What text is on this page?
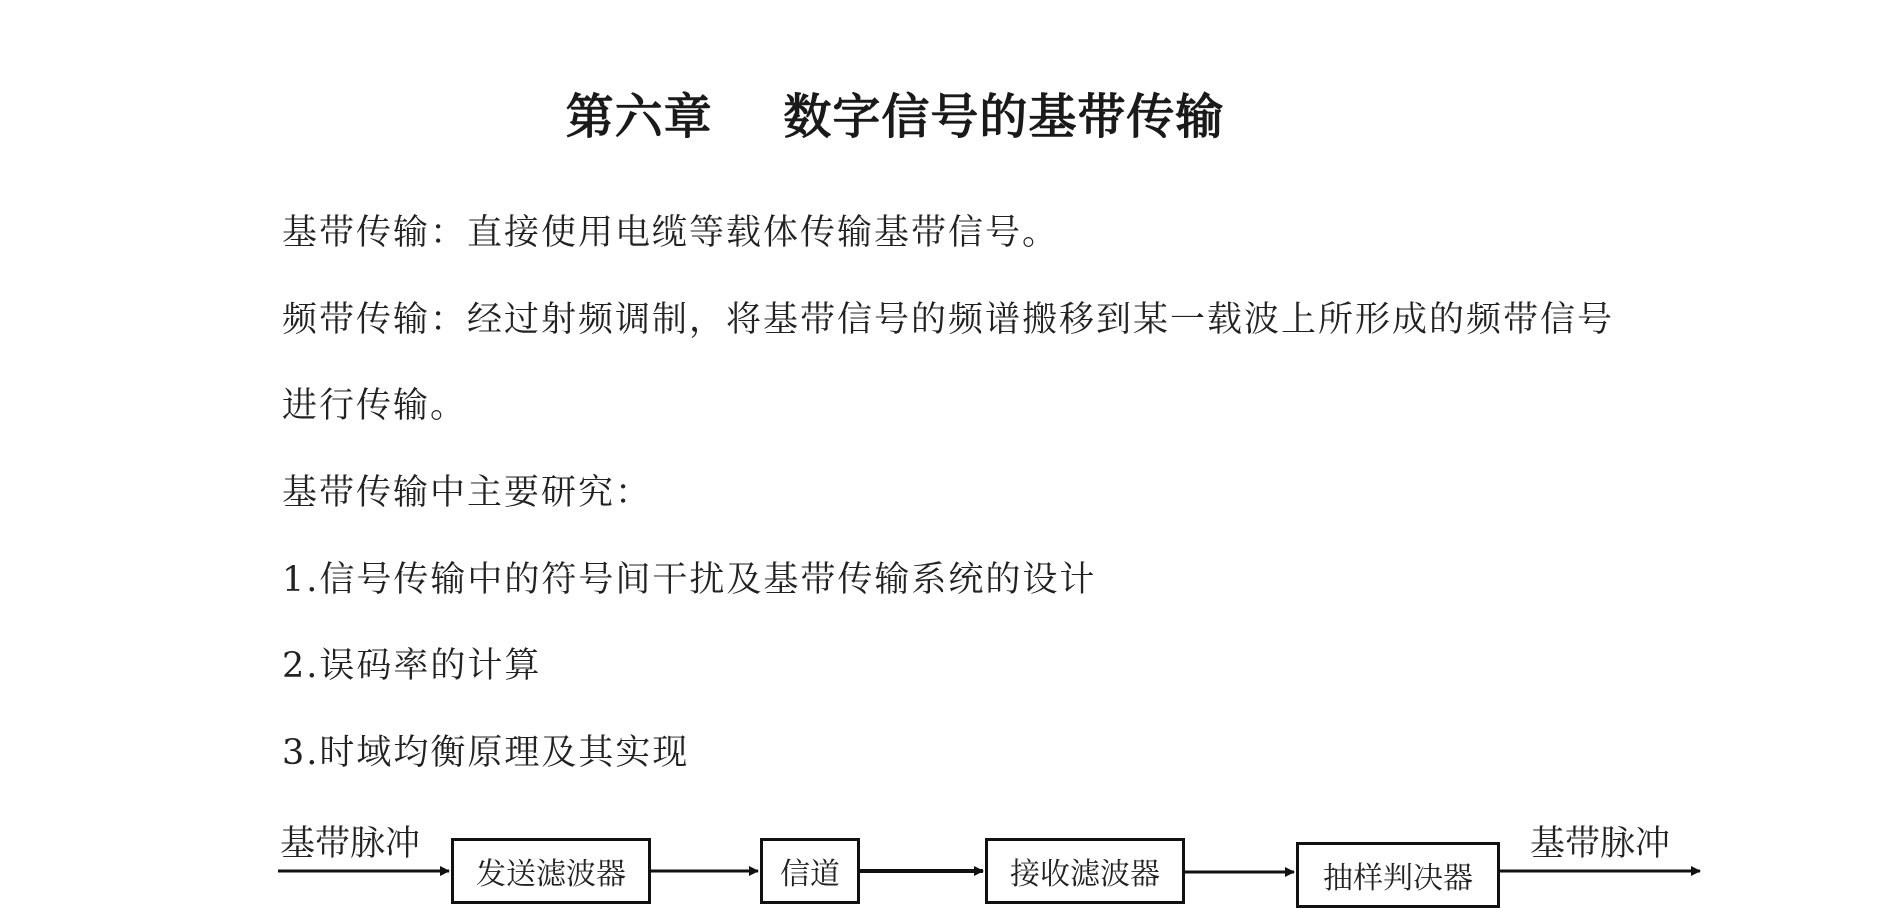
第六章    数字信号的基带传输
基带传输：直接使用电缆等载体传输基带信号。
频带传输：经过射频调制，将基带信号的频谱搬移到某一载波上所形成的频带信号
进行传输。
基带传输中主要研究：
1.信号传输中的符号间干扰及基带传输系统的设计
2.误码率的计算
3.时域均衡原理及其实现
基带脉冲	基带脉冲
发送滤波器	信道	接收滤波器	抽样判决器
